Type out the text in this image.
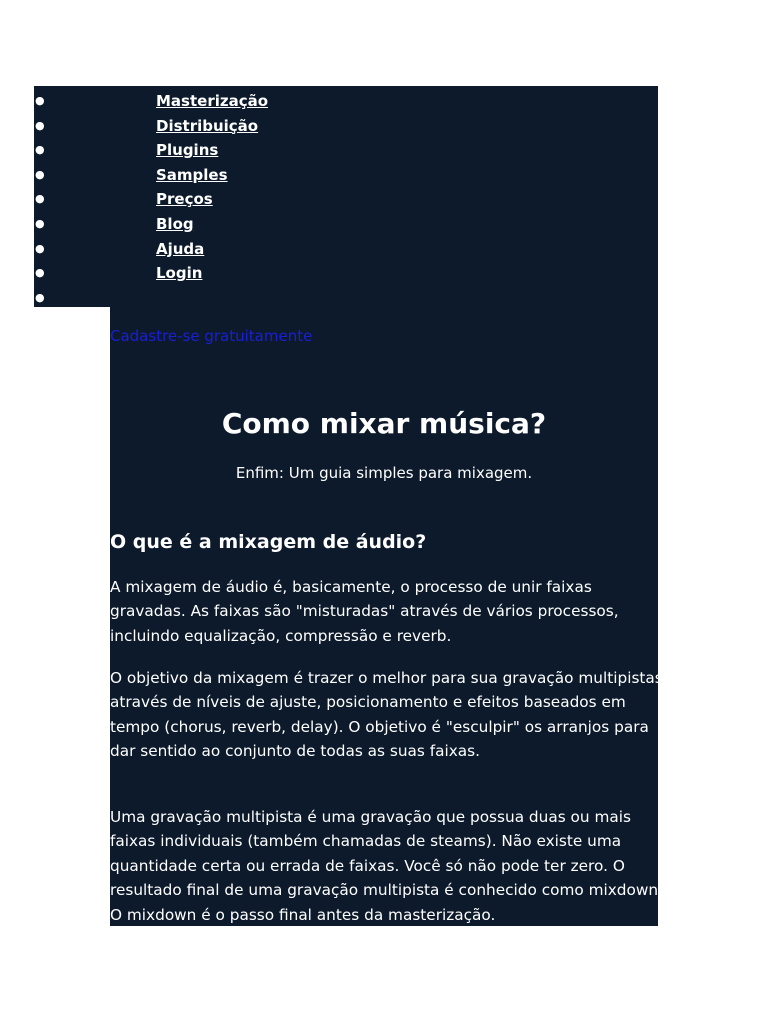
●	Masterização
●	Distribuição
●	Plugins
●	Samples
●	Preços
●	Blog
●	Ajuda
●	Login
●
Cadastre-se gratuitamente
Como mixar música?

Enfim: Um guia simples para mixagem.

O que é a mixagem de áudio?

A mixagem de áudio é, basicamente, o processo de unir faixas gravadas. As faixas são "misturadas" através de vários processos, incluindo equalização, compressão e reverb.

O objetivo da mixagem é trazer o melhor para sua gravação multipistas através de níveis de ajuste, posicionamento e efeitos baseados em tempo (chorus, reverb, delay). O objetivo é "esculpir" os arranjos para dar sentido ao conjunto de todas as suas faixas.

Uma gravação multipista é uma gravação que possua duas ou mais faixas individuais (também chamadas de steams). Não existe uma quantidade certa ou errada de faixas. Você só não pode ter zero. O resultado final de uma gravação multipista é conhecido como mixdown. O mixdown é o passo final antes da masterização.
